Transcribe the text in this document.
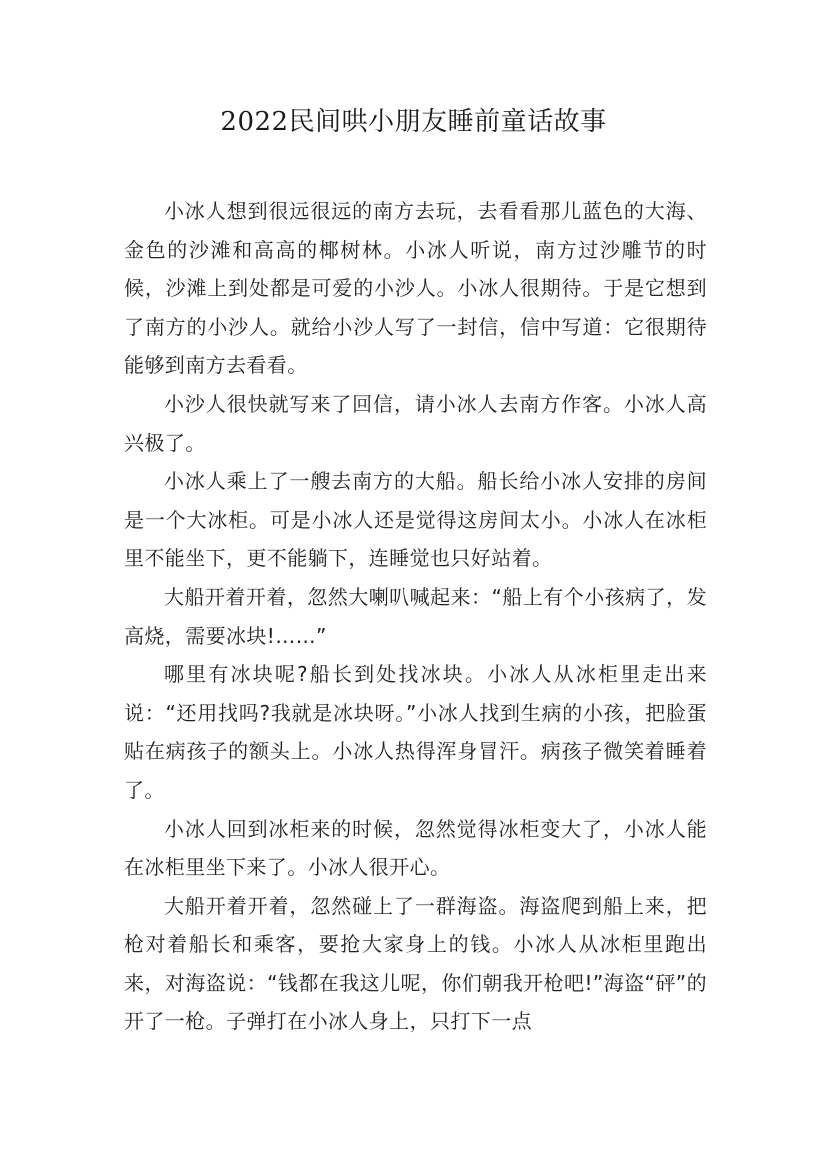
2022民间哄小朋友睡前童话故事

小冰人想到很远很远的南方去玩，去看看那儿蓝色的大海、金色的沙滩和高高的椰树林。小冰人听说，南方过沙雕节的时候，沙滩上到处都是可爱的小沙人。小冰人很期待。于是它想到了南方的小沙人。就给小沙人写了一封信，信中写道：它很期待能够到南方去看看。

小沙人很快就写来了回信，请小冰人去南方作客。小冰人高兴极了。

小冰人乘上了一艘去南方的大船。船长给小冰人安排的房间是一个大冰柜。可是小冰人还是觉得这房间太小。小冰人在冰柜里不能坐下，更不能躺下，连睡觉也只好站着。

大船开着开着，忽然大喇叭喊起来：“船上有个小孩病了，发高烧，需要冰块!……”

哪里有冰块呢?船长到处找冰块。小冰人从冰柜里走出来说：“还用找吗?我就是冰块呀。”小冰人找到生病的小孩，把脸蛋贴在病孩子的额头上。小冰人热得浑身冒汗。病孩子微笑着睡着了。

小冰人回到冰柜来的时候，忽然觉得冰柜变大了，小冰人能在冰柜里坐下来了。小冰人很开心。

大船开着开着，忽然碰上了一群海盗。海盗爬到船上来，把枪对着船长和乘客，要抢大家身上的钱。小冰人从冰柜里跑出来，对海盗说：“钱都在我这儿呢，你们朝我开枪吧!”海盗“砰”的开了一枪。子弹打在小冰人身上，只打下一点
